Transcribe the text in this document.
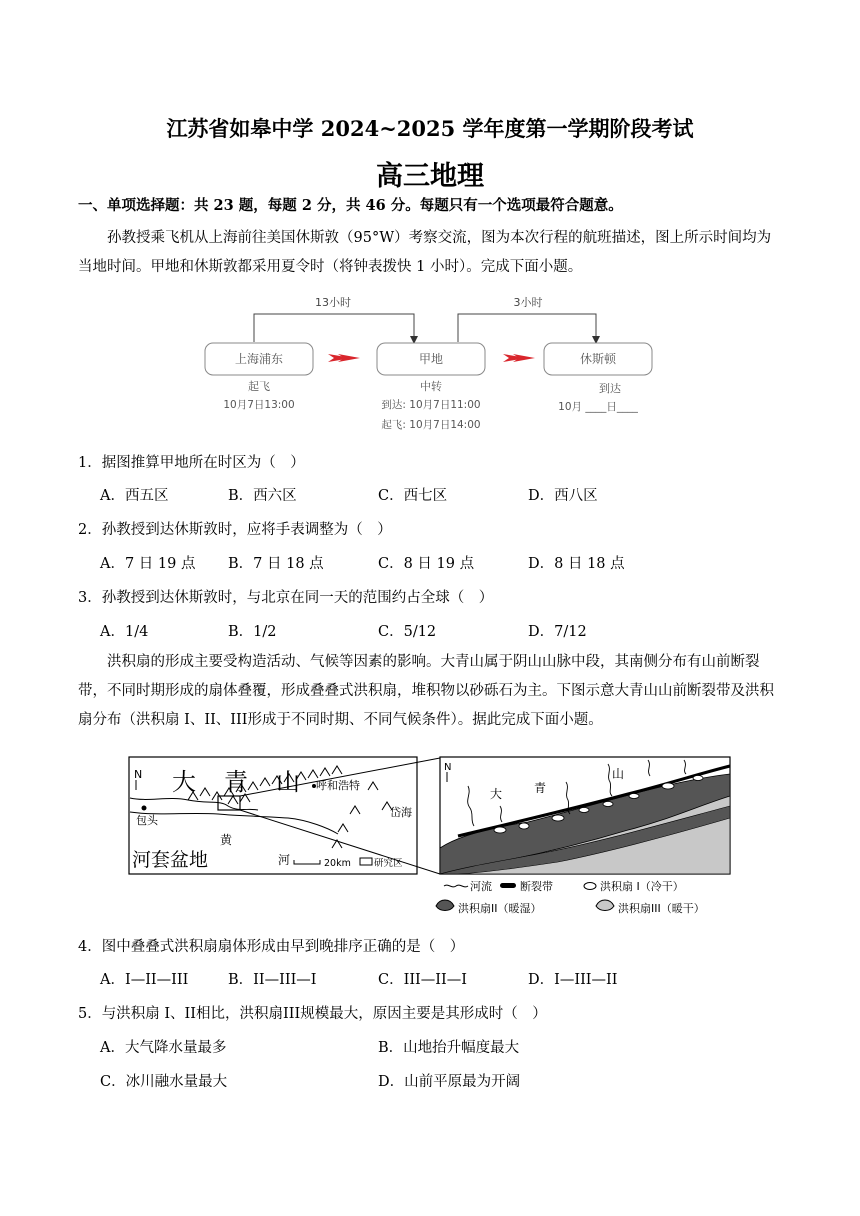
江苏省如皋中学 2024~2025 学年度第一学期阶段考试
高三地理
一、单项选择题：共 23 题，每题 2 分，共 46 分。每题只有一个选项最符合题意。
孙教授乘飞机从上海前往美国休斯敦（95°W）考察交流，图为本次行程的航班描述，图上所示时间均为当地时间。甲地和休斯敦都采用夏令时（将钟表拨快 1 小时）。完成下面小题。
13小时	3小时
上海浦东	甲地	休斯顿
起飞
10月7日13:00
中转
到达: 10月7日11:00
起飞: 10月7日14:00
到达
10月 ____日____
1．据图推算甲地所在时区为（　）
A．西五区	B．西六区	C．西七区	D．西八区
2．孙教授到达休斯敦时，应将手表调整为（　）
A．7 日 19 点 B．7 日 18 点	C．8 日 19 点	D．8 日 18 点
3．孙教授到达休斯敦时，与北京在同一天的范围约占全球（　）
A．1/4	B．1/2	C．5/12	D．7/12
洪积扇的形成主要受构造活动、气候等因素的影响。大青山属于阴山山脉中段，其南侧分布有山前断裂带，不同时期形成的扇体叠覆，形成叠叠式洪积扇，堆积物以砂砾石为主。下图示意大青山山前断裂带及洪积扇分布（洪积扇 I、II、III形成于不同时期、不同气候条件）。据此完成下面小题。
N 大　青　山
包头
呼和浩特
岱海
黄
河
河套盆地	20km 研究区
N
大	青
山
河流	断裂带	洪积扇 I（冷干）
洪积扇II（暖湿）	洪积扇III（暖干）
4．图中叠叠式洪积扇扇体形成由早到晚排序正确的是（　）
A．I—II—III	B．II—III—I	C．III—II—I	D．I—III—II
5．与洪积扇 I、II相比，洪积扇III规模最大，原因主要是其形成时（　）
A．大气降水量最多	B．山地抬升幅度最大
C．冰川融水量最大	D．山前平原最为开阔
